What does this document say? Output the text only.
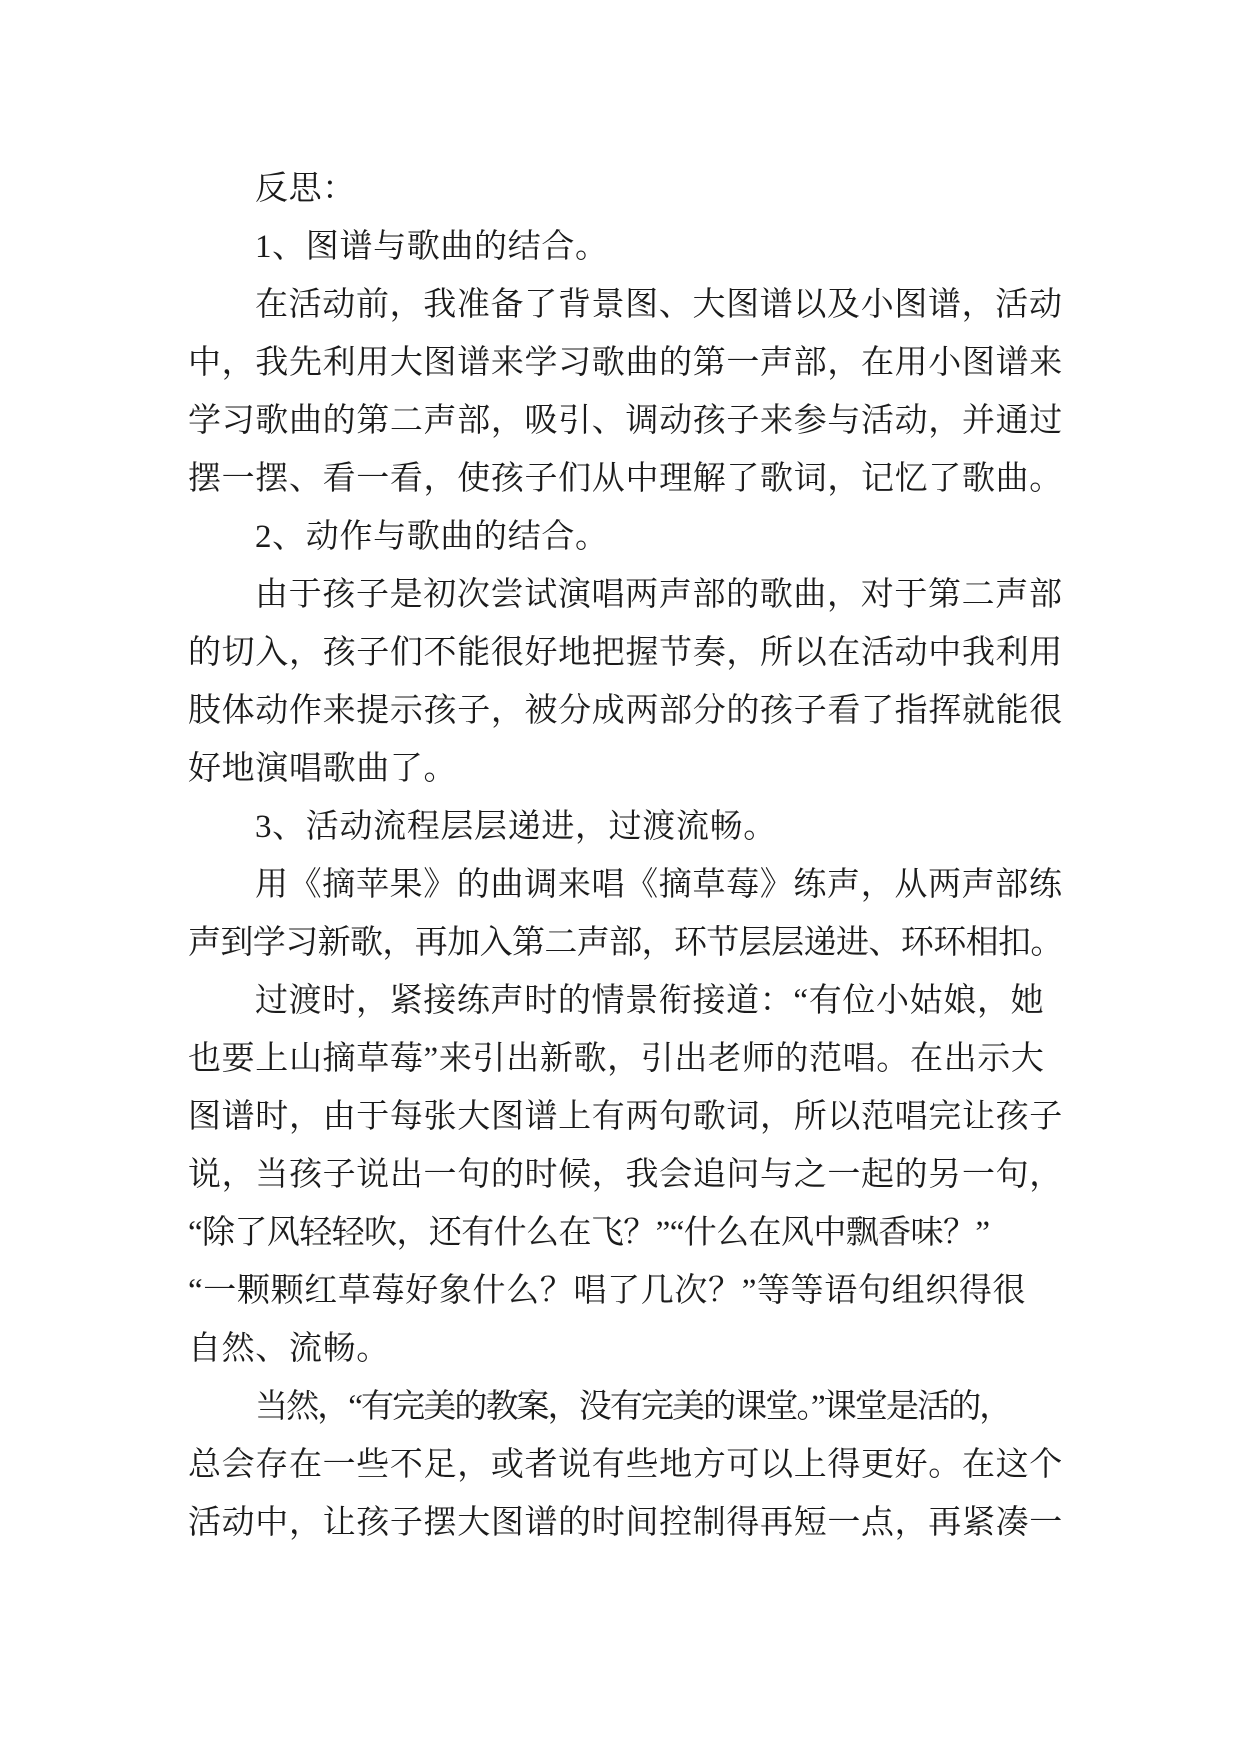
反思：
1、图谱与歌曲的结合。
在活动前，我准备了背景图、大图谱以及小图谱，活动
中，我先利用大图谱来学习歌曲的第一声部，在用小图谱来
学习歌曲的第二声部，吸引、调动孩子来参与活动，并通过
摆一摆、看一看，使孩子们从中理解了歌词，记忆了歌曲。
2、动作与歌曲的结合。
由于孩子是初次尝试演唱两声部的歌曲，对于第二声部
的切入，孩子们不能很好地把握节奏，所以在活动中我利用
肢体动作来提示孩子，被分成两部分的孩子看了指挥就能很
好地演唱歌曲了。
3、活动流程层层递进，过渡流畅。
用《摘苹果》的曲调来唱《摘草莓》练声，从两声部练
声到学习新歌，再加入第二声部，环节层层递进、环环相扣。
过渡时，紧接练声时的情景衔接道：“有位小姑娘，她
也要上山摘草莓”来引出新歌，引出老师的范唱。在出示大
图谱时，由于每张大图谱上有两句歌词，所以范唱完让孩子
说，当孩子说出一句的时候，我会追问与之一起的另一句，
“除了风轻轻吹，还有什么在飞？”“什么在风中飘香味？”
“一颗颗红草莓好象什么？唱了几次？”等等语句组织得很
自然、流畅。
当然，“有完美的教案，没有完美的课堂。”课堂是活的，
总会存在一些不足，或者说有些地方可以上得更好。在这个
活动中，让孩子摆大图谱的时间控制得再短一点，再紧凑一
